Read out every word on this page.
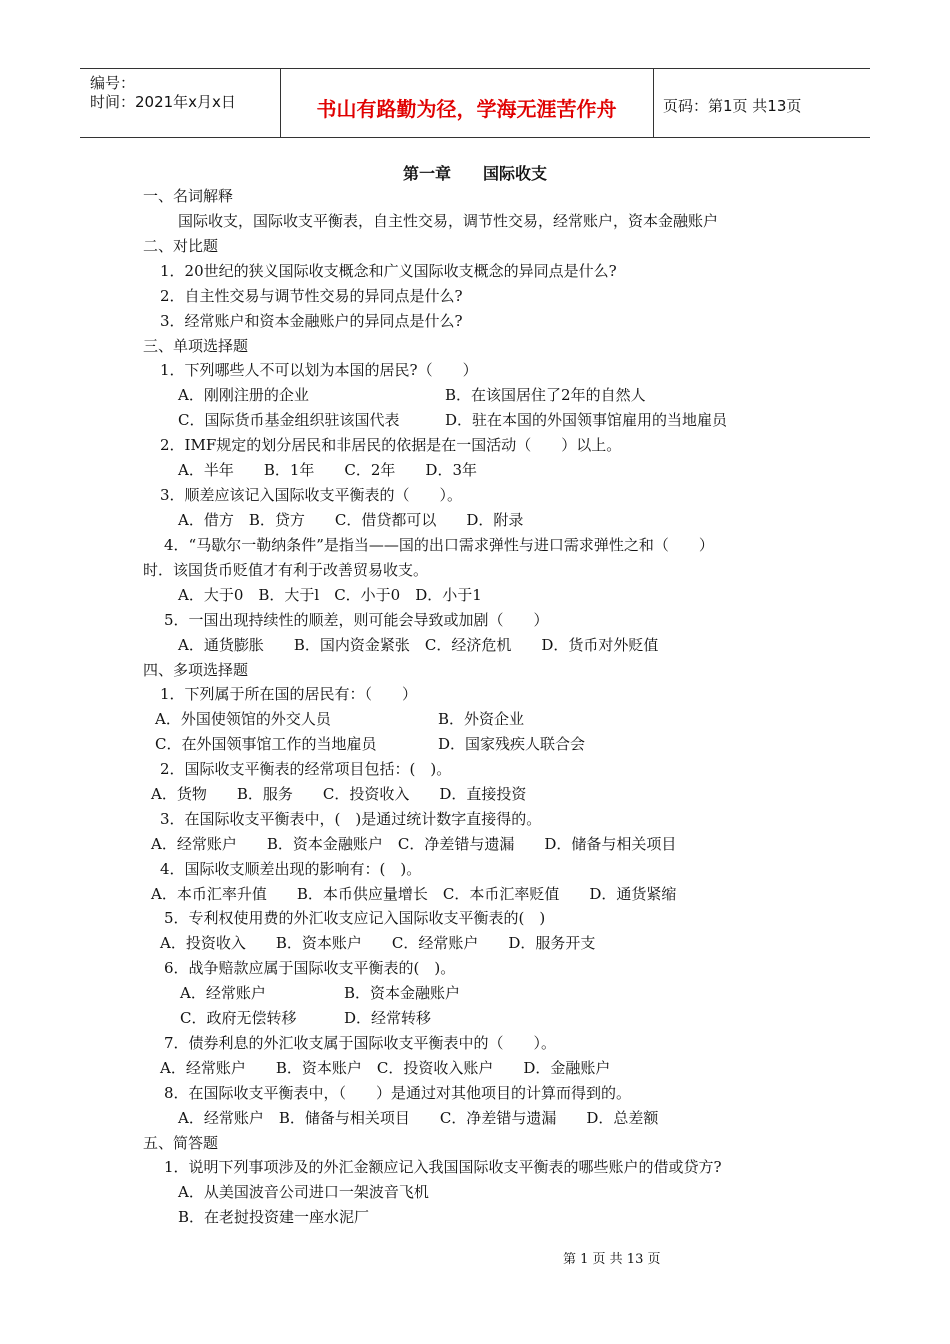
编号：
时间：2021年x月x日	书山有路勤为径，学海无涯苦作舟	页码：第1页 共13页
第一章　　国际收支
一、名词解释
国际收支，国际收支平衡表，自主性交易，调节性交易，经常账户，资本金融账户
二、对比题
1．20世纪的狭义国际收支概念和广义国际收支概念的异同点是什么?
2．自主性交易与调节性交易的异同点是什么?
3．经常账户和资本金融账户的异同点是什么?
三、单项选择题
1．下列哪些人不可以划为本国的居民?（　　）
A．刚刚注册的企业	B．在该国居住了2年的自然人
C．国际货币基金组织驻该国代表	D．驻在本国的外国领事馆雇用的当地雇员
2．IMF规定的划分居民和非居民的依据是在一国活动（　　）以上。
A．半年　　B．1年　　C．2年　　D．3年
3．顺差应该记入国际收支平衡表的（　　）。
A．借方　B．贷方　　C．借贷都可以　　D．附录
4．“马歇尔一勒纳条件”是指当——国的出口需求弹性与进口需求弹性之和（　　）
时．该国货币贬值才有利于改善贸易收支。
A．大于0　B．大于l　C．小于0　D．小于1
5．一国出现持续性的顺差，则可能会导致或加剧（　　）
A．通货膨胀　　B．国内资金紧张　C．经济危机　　D．货币对外贬值
四、多项选择题
1．下列属于所在国的居民有：（　　）
A．外国使领馆的外交人员	B．外资企业
C．在外国领事馆工作的当地雇员	D．国家残疾人联合会
2．国际收支平衡表的经常项目包括：(　)。
A．货物　　B．服务　　C．投资收入　　D．直接投资
3．在国际收支平衡表中，(　)是通过统计数字直接得的。
A．经常账户　　B．资本金融账户　C．净差错与遗漏　　D．储备与相关项目
4．国际收支顺差出现的影响有：(　)。
A．本币汇率升值　　B．本币供应量增长　C．本币汇率贬值　　D．通货紧缩
5．专利权使用费的外汇收支应记入国际收支平衡表的(　)
A．投资收入　　B．资本账户　　C．经常账户　　D．服务开支
6．战争赔款应属于国际收支平衡表的(　)。
A．经常账户	B．资本金融账户
C．政府无偿转移	D．经常转移
7．债券利息的外汇收支属于国际收支平衡表中的（　　）。
A．经常账户　　B．资本账户　C．投资收入账户　　D．金融账户
8．在国际收支平衡表中，（　　）是通过对其他项目的计算而得到的。
A．经常账户　B．储备与相关项目　　C．净差错与遗漏　　D．总差额
五、简答题
1．说明下列事项涉及的外汇金额应记入我国国际收支平衡表的哪些账户的借或贷方?
A．从美国波音公司进口一架波音飞机
B．在老挝投资建一座水泥厂
第 1 页 共 13 页
